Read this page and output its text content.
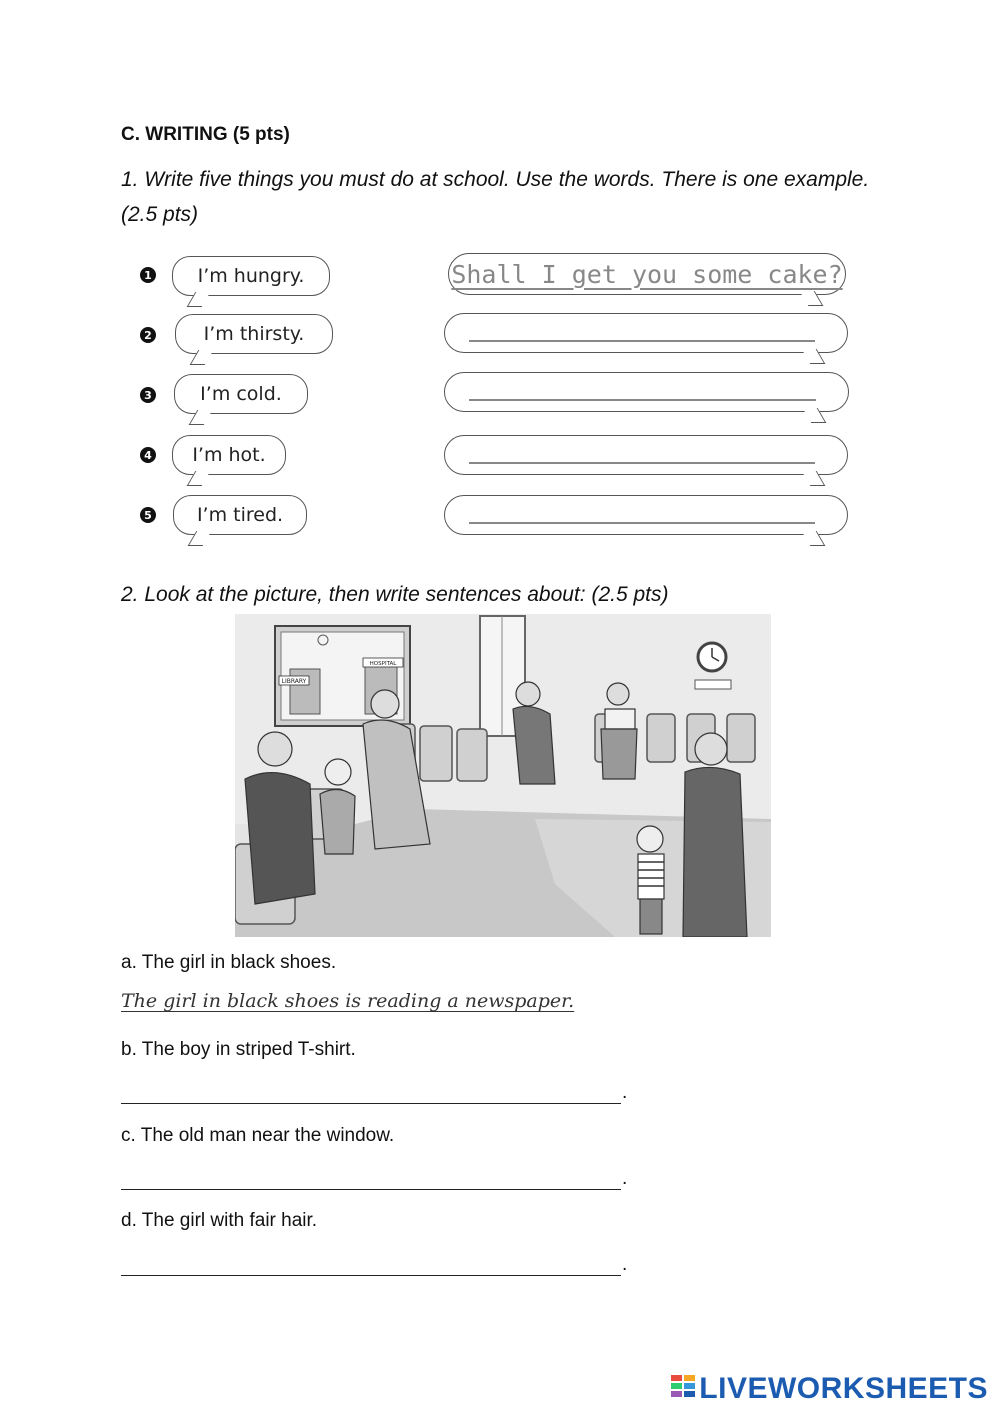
C. WRITING (5 pts)
1. Write five things you must do at school. Use the words. There is one example. (2.5 pts)
1 I’m hungry.	Shall I get you some cake?
2	I’m thirsty.
3	I’m cold.
4 I’m hot.
5 I’m tired.
2. Look at the picture, then write sentences about: (2.5 pts)
LIBRARY
HOSPITAL
a. The girl in black shoes.
The girl in black shoes is reading a newspaper.
b. The boy in striped T-shirt.
.
c. The old man near the window.
.
d. The girl with fair hair.
.
LIVEWORKSHEETS
